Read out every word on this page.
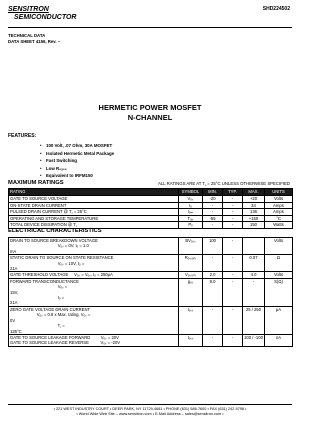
SENSITRON
SEMICONDUCTOR
SHD224502
TECHNICAL DATA
DATA SHEET 4156, Rev. –
HERMETIC POWER MOSFET
N-CHANNEL
FEATURES:
• 100 Volt, .07 Ohm, 30A MOSFET
• Isolated Hermetic Metal Package
• Fast Switching
• Low R₀ₐ₀₀
• Equivalent to IRFM150
MAXIMUM RATINGS	ALL RATINGS ARE AT T⁁ = 25°C UNLESS OTHERWISE SPECIFIED
RATING	SYMBOL	MIN.	TYP.	MAX.	UNITS
GATE TO SOURCE VOLTAGE	Vₒₛ	-20	-	+20	Volts
ON-STATE DRAIN CURRENT	Iₒ	-	-	34	Amps
PULSED DRAIN CURRENT @ T⁁ = 25°C	Iₒₘ	-	-	136	Amps
OPERATING AND STORAGE TEMPERATURE	Tₒₚ	-55	-	+150	°C
TOTAL DEVICE DISSIPATION @ T⁁	Pₒ	-	-	150	Watts
ELECTRICAL CHARACTERISTICS
DRAIN TO SOURCE BREAKDOWN VOLTAGE
Vₒₛ = 0V, Iₒ = 1.0
mA	BVₒₛₛ	100	-		Volts

STATIC DRAIN TO SOURCE ON STATE RESISTANCE
Vₒₛ = 10V, Iₒ =
21A	Rₒₛ₍ₒₙ₎	-	-	0.07	Ω

GATE THRESHOLD VOLTAGE     Vₒₛ = Vₒₛ, Iₒ = 250μA	Vₒₛ₍ₜₕ₎	2.0	-	4.0	Volts

FORWARD TRANSCONDUCTANCE
Vₒₛ =
15V,
Iₒ =
21A	gₒₛ	9.0	-	-	S(Ω)

ZERO GATE VOLTAGE DRAIN CURRENT
Vₒₛ = 0.8 x Max. rating, Vₒₛ =
0V
T⁁ =
125°C	Iₒₛₛ	-	-	25 / 250	μA

GATE TO SOURCE LEAKAGE FORWARD         Vₒₛ = 20V
GATE TO SOURCE LEAKAGE REVERSE          Vₒₛ = -20V	Iₒₛₛ	-	-	100 / -100	nA
• 221 WEST INDUSTRY COURT • DEER PARK, NY 11729-4681 • PHONE (631) 586-7600 • FAX (631) 242-9798 •
• World Wide Web Site – www.sensitron.com • E-Mail Address – sales@sensitron.com •
